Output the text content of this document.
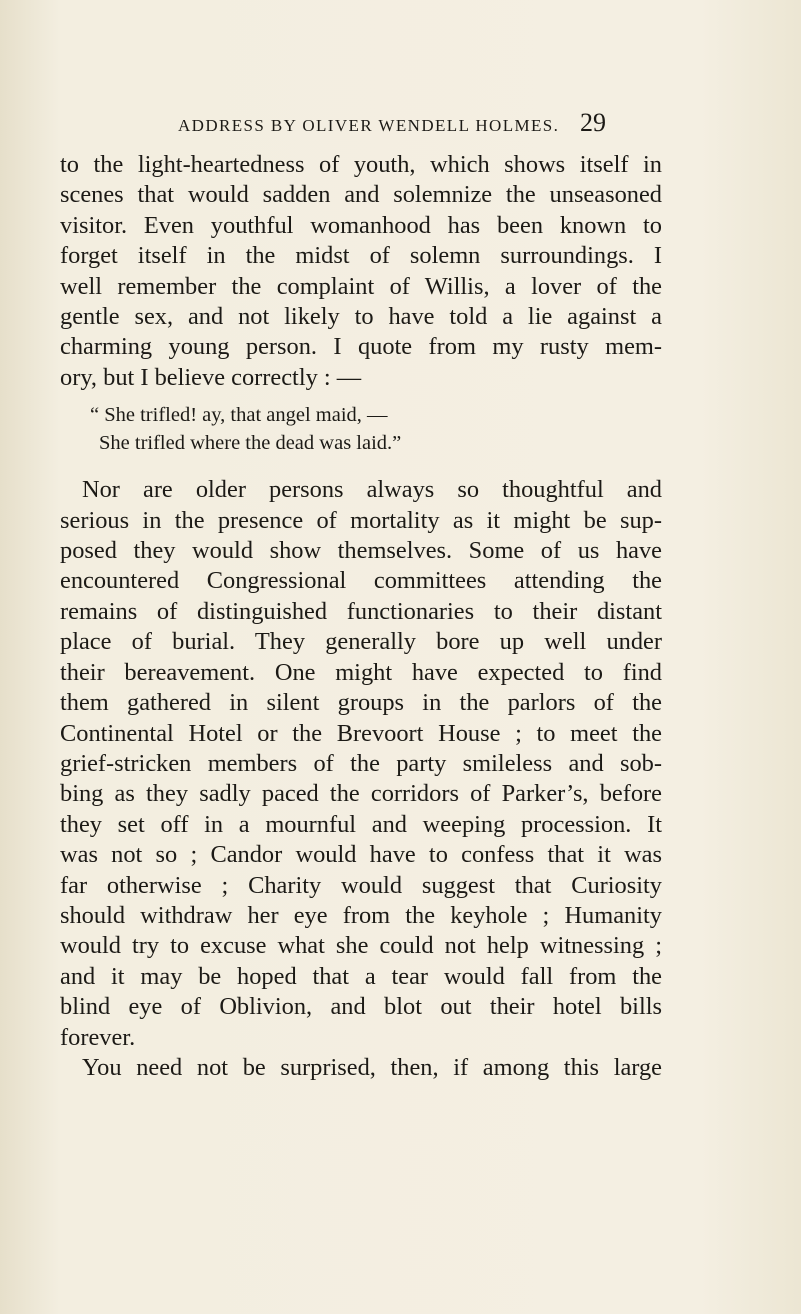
ADDRESS BY OLIVER WENDELL HOLMES. 29

to the light-heartedness of youth, which shows itself in
scenes that would sadden and solemnize the unseasoned
visitor. Even youthful womanhood has been known to
forget itself in the midst of solemn surroundings. I
well remember the complaint of Willis, a lover of the
gentle sex, and not likely to have told a lie against a
charming young person. I quote from my rusty mem-
ory, but I believe correctly : —

“ She trifled! ay, that angel maid, —
She trifled where the dead was laid.”

Nor are older persons always so thoughtful and
serious in the presence of mortality as it might be sup-
posed they would show themselves. Some of us have
encountered Congressional committees attending the
remains of distinguished functionaries to their distant
place of burial. They generally bore up well under
their bereavement. One might have expected to find
them gathered in silent groups in the parlors of the
Continental Hotel or the Brevoort House ; to meet the
grief-stricken members of the party smileless and sob-
bing as they sadly paced the corridors of Parker’s, before
they set off in a mournful and weeping procession. It
was not so ; Candor would have to confess that it was
far otherwise ; Charity would suggest that Curiosity
should withdraw her eye from the keyhole ; Humanity
would try to excuse what she could not help witnessing ;
and it may be hoped that a tear would fall from the
blind eye of Oblivion, and blot out their hotel bills
forever.

You need not be surprised, then, if among this large
